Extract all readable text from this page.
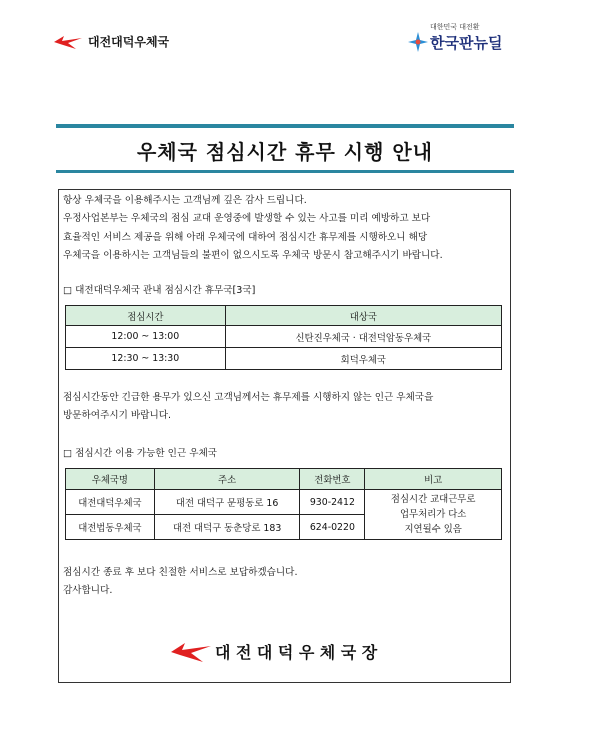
대전대덕우체국
대한민국 대전환
한국판뉴딜
우체국 점심시간 휴무 시행 안내
항상 우체국을 이용해주시는 고객님께 깊은 감사 드립니다.
우정사업본부는 우체국의 점심 교대 운영중에 발생할 수 있는 사고를 미리 예방하고 보다
효율적인 서비스 제공을 위해 아래 우체국에 대하여 점심시간 휴무제를 시행하오니 해당
우체국을 이용하시는 고객님들의 불편이 없으시도록 우체국 방문시 참고해주시기 바랍니다.
□ 대전대덕우체국 관내 점심시간 휴무국[3국]
점심시간	대상국
12:00 ~ 13:00	신탄진우체국 · 대전덕암동우체국
12:30 ~ 13:30	회덕우체국
점심시간동안 긴급한 용무가 있으신 고객님께서는 휴무제를 시행하지 않는 인근 우체국을
방문하여주시기 바랍니다.
□ 점심시간 이용 가능한 인근 우체국
우체국명	주소	전화번호	비고
대전대덕우체국	대전 대덕구 문평동로 16	930-2412	점심시간 교대근무로
업무처리가 다소
지연될수 있음

대전법동우체국	대전 대덕구 동춘당로 183	624-0220	
점심시간 종료 후 보다 친절한 서비스로 보답하겠습니다.
감사합니다.
대전대덕우체국장
